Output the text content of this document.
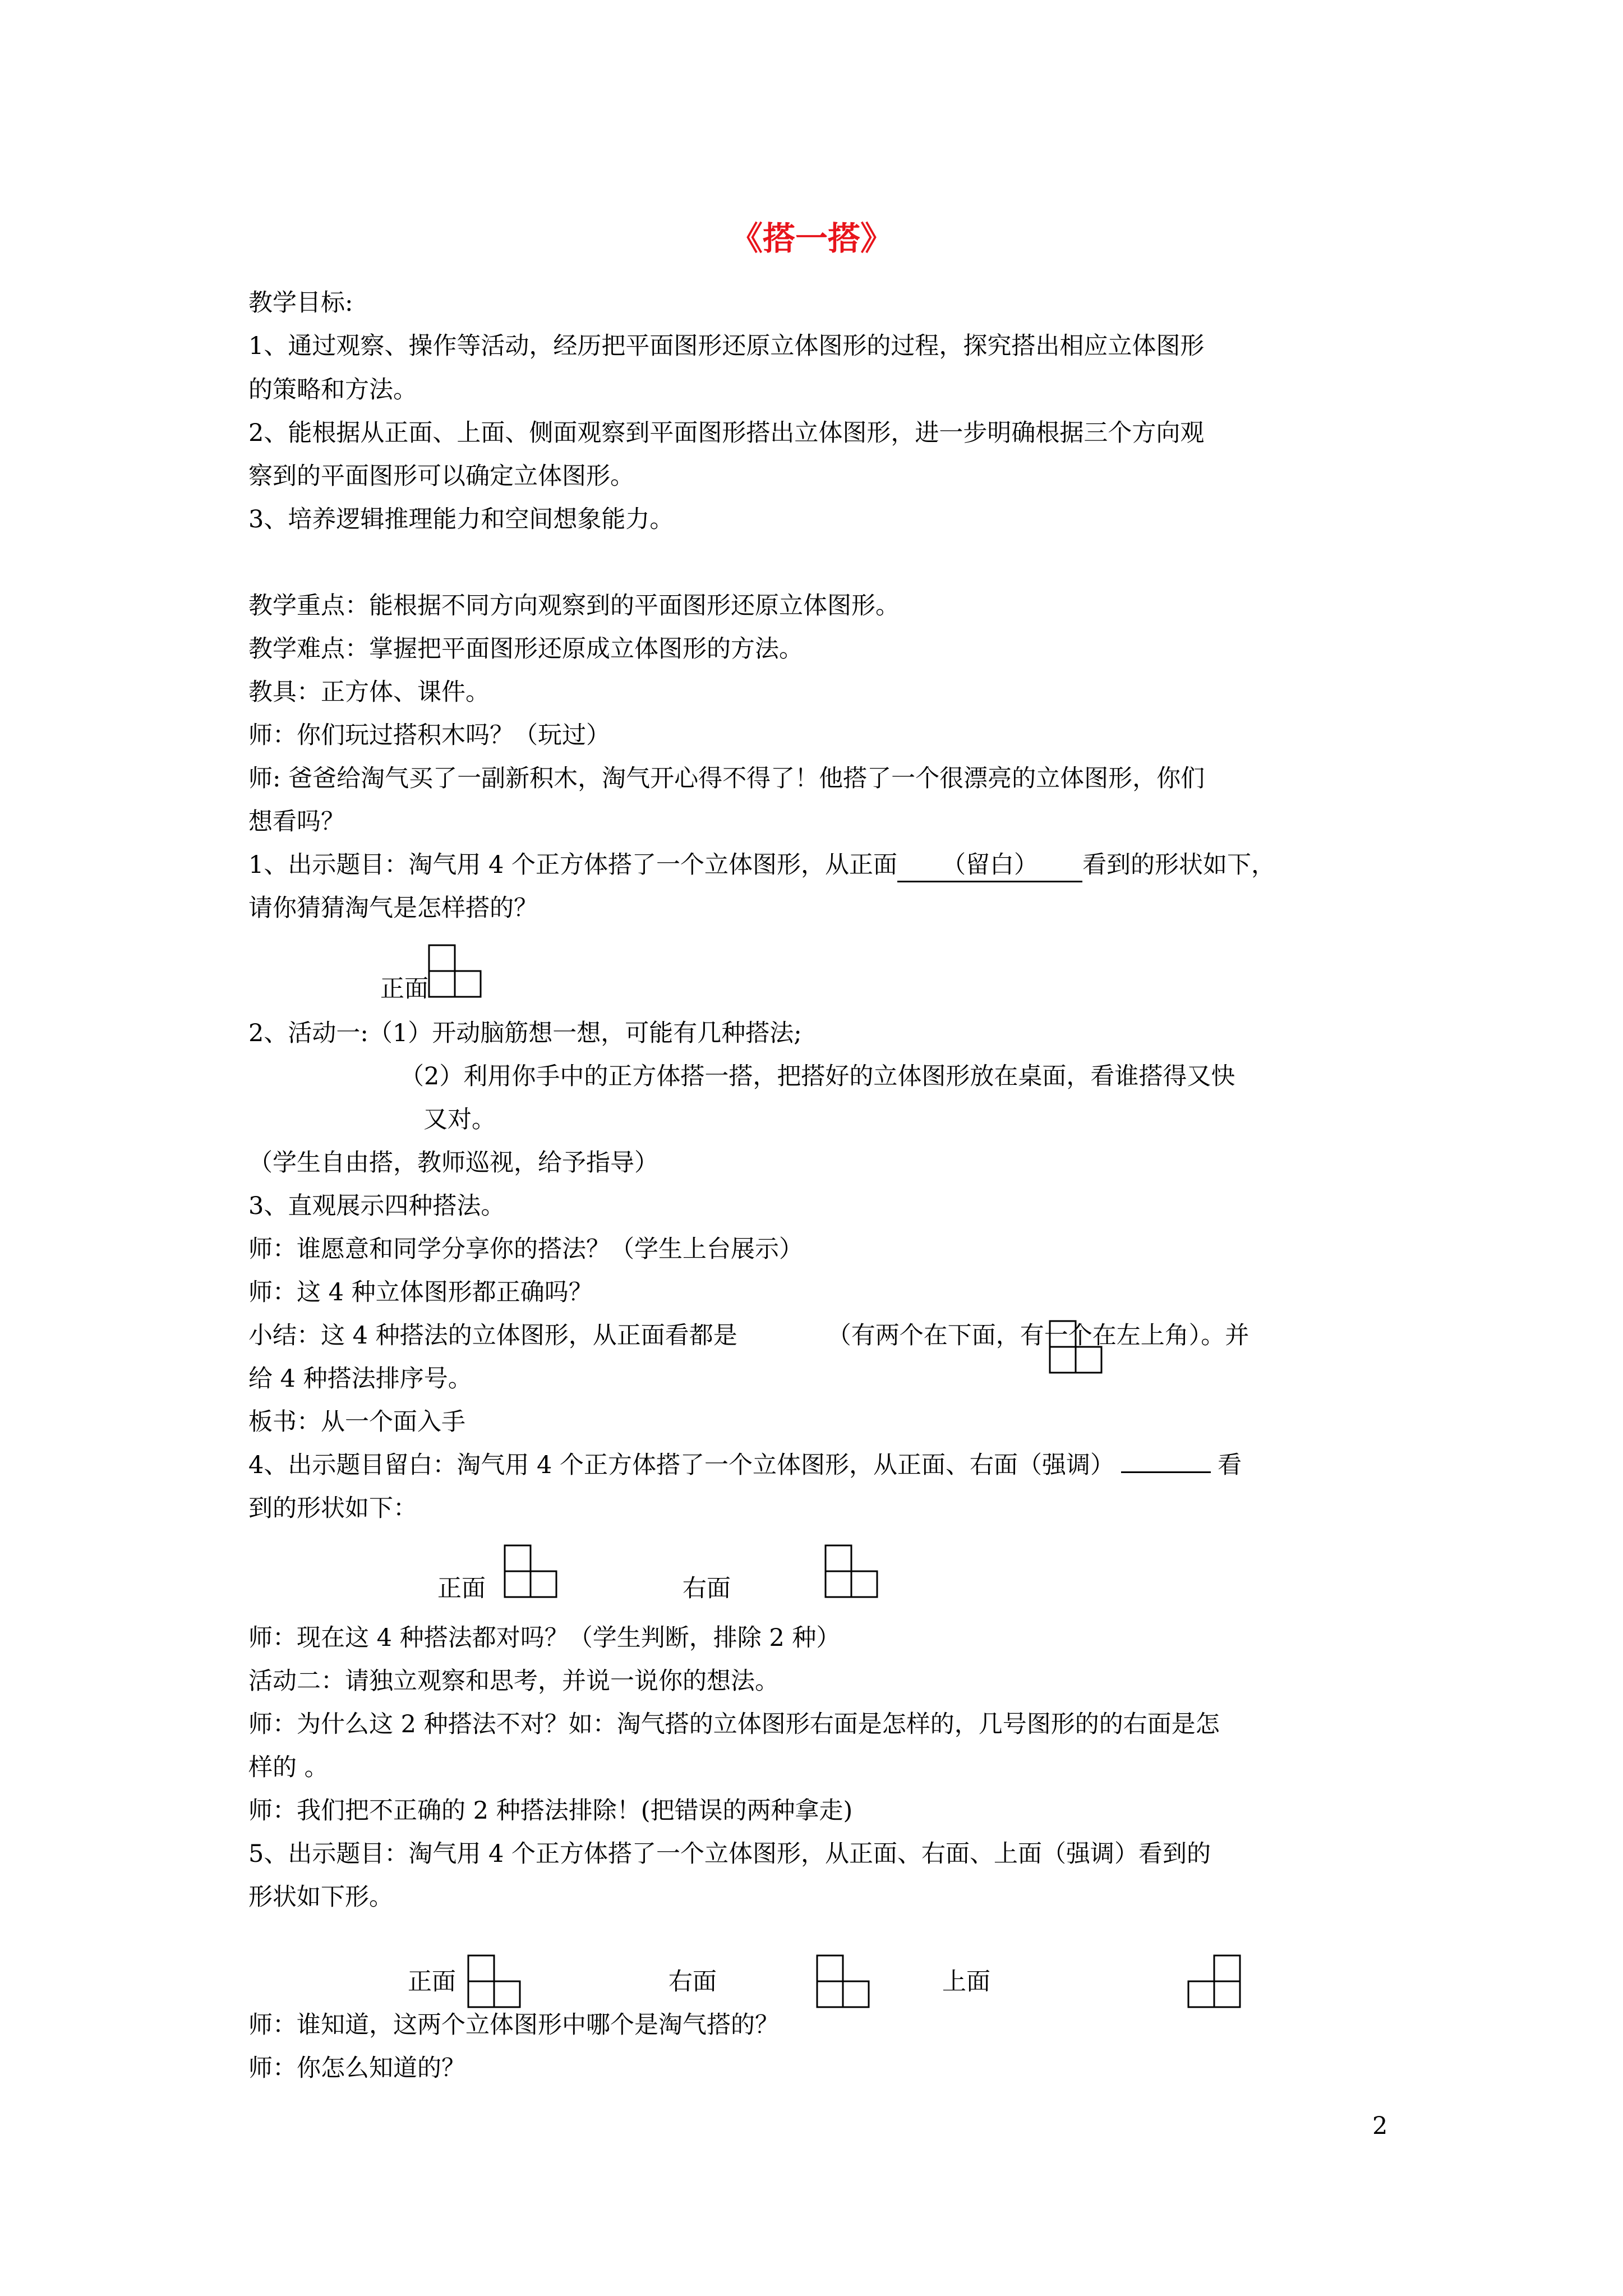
《搭一搭》
教学目标:
1、通过观察、操作等活动，经历把平面图形还原立体图形的过程，探究搭出相应立体图形
的策略和方法。
2、能根据从正面、上面、侧面观察到平面图形搭出立体图形，进一步明确根据三个方向观
察到的平面图形可以确定立体图形。
3、培养逻辑推理能力和空间想象能力。
教学重点：能根据不同方向观察到的平面图形还原立体图形。
教学难点：掌握把平面图形还原成立体图形的方法。
教具：正方体、课件。
师：你们玩过搭积木吗？（玩过）
师: 爸爸给淘气买了一副新积木，淘气开心得不得了！他搭了一个很漂亮的立体图形，你们
想看吗？
1、出示题目：淘气用 4 个正方体搭了一个立体图形，从正面 （留白） 看到的形状如下，
请你猜猜淘气是怎样搭的？
正面
2、活动一:（1）开动脑筋想一想，可能有几种搭法;
（2）利用你手中的正方体搭一搭，把搭好的立体图形放在桌面，看谁搭得又快
又对。
（学生自由搭，教师巡视，给予指导）
3、直观展示四种搭法。
师：谁愿意和同学分享你的搭法？（学生上台展示）
师：这 4 种立体图形都正确吗？
小结：这 4 种搭法的立体图形，从正面看都是	（有两个在下面，有一个在左上角）。并
给 4 种搭法排序号。
板书：从一个面入手
4、出示题目留白：淘气用 4 个正方体搭了一个立体图形，从正面、右面（强调）	看
到的形状如下：
正面	右面
师：现在这 4 种搭法都对吗？（学生判断，排除 2 种）
活动二：请独立观察和思考，并说一说你的想法。
师：为什么这 2 种搭法不对？如：淘气搭的立体图形右面是怎样的，几号图形的的右面是怎
样的 。
师：我们把不正确的 2 种搭法排除！(把错误的两种拿走)
5、出示题目：淘气用 4 个正方体搭了一个立体图形，从正面、右面、上面（强调）看到的
形状如下形。
正面	右面	上面
师：谁知道，这两个立体图形中哪个是淘气搭的？
师：你怎么知道的？
2
